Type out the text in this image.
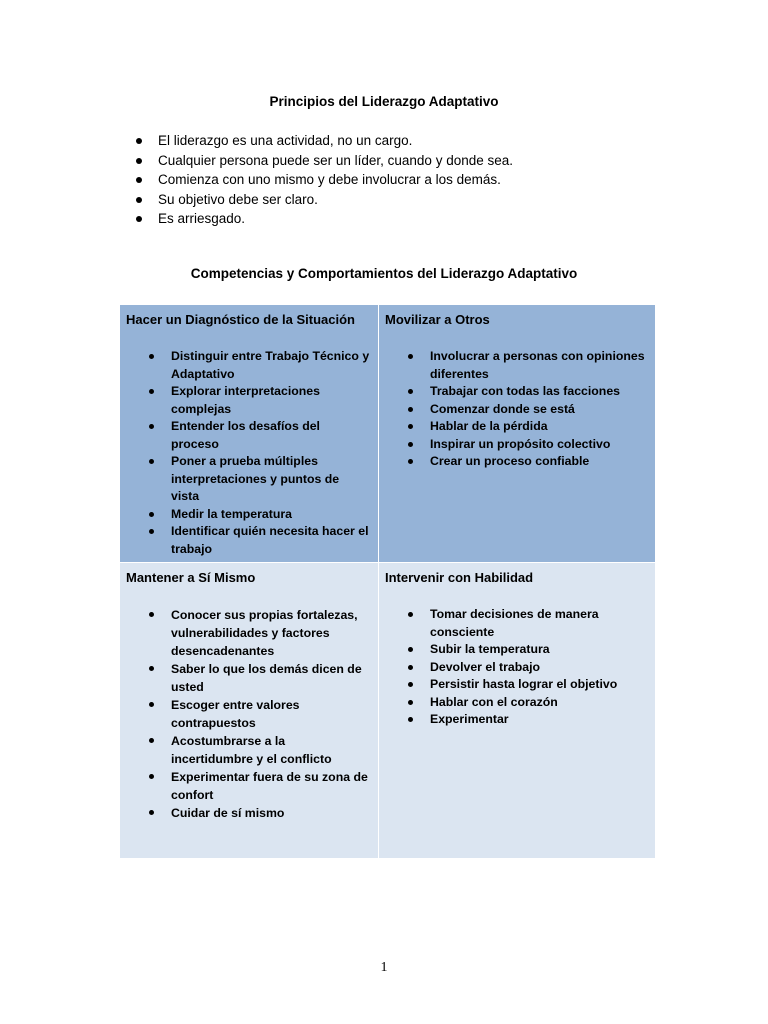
Principios del Liderazgo Adaptativo
El liderazgo es una actividad, no un cargo.
Cualquier persona puede ser un líder, cuando y donde sea.
Comienza con uno mismo y debe involucrar a los demás.
Su objetivo debe ser claro.
Es arriesgado.
Competencias y Comportamientos del Liderazgo Adaptativo
Hacer un Diagnóstico de la Situación
Distinguir entre Trabajo Técnico y Adaptativo
Explorar interpretaciones complejas
Entender los desafíos del proceso
Poner a prueba múltiples interpretaciones y puntos de vista
Medir la temperatura
Identificar quién necesita hacer el trabajo
Movilizar a Otros
Involucrar a personas con opiniones diferentes
Trabajar con todas las facciones
Comenzar donde se está
Hablar de la pérdida
Inspirar un propósito colectivo
Crear un proceso confiable
Mantener a Sí Mismo
Conocer sus propias fortalezas, vulnerabilidades y factores desencadenantes
Saber lo que los demás dicen de usted
Escoger entre valores contrapuestos
Acostumbrarse a la incertidumbre y el conflicto
Experimentar fuera de su zona de confort
Cuidar de sí mismo
Intervenir con Habilidad
Tomar decisiones de manera consciente
Subir la temperatura
Devolver el trabajo
Persistir hasta lograr el objetivo
Hablar con el corazón
Experimentar
1
